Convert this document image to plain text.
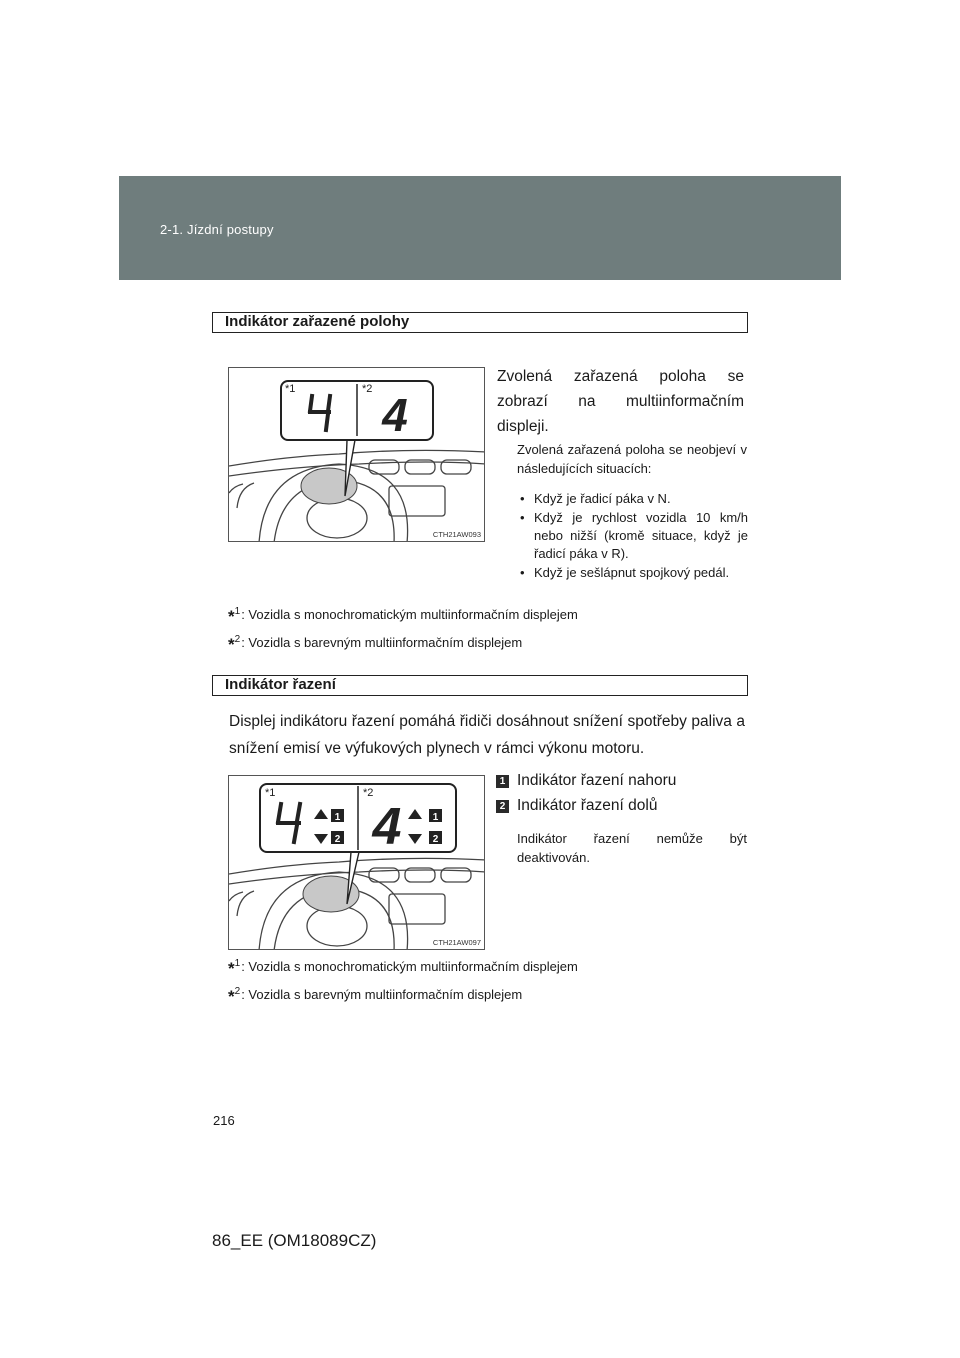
2-1. Jízdní postupy
Indikátor zařazené polohy
4
*1	*2
CTH21AW093
Zvolená zařazená poloha se zobrazí na multiinformačním displeji.
Zvolená zařazená poloha se neobjeví v následujících situacích:
• Když je řadicí páka v N.
• Když je rychlost vozidla 10 km/h nebo nižší (kromě situace, když je řadicí páka v R).
• Když je sešlápnut spojkový pedál.
*$^1$: Vozidla s monochromatickým multiinformačním displejem
*$^2$: Vozidla s barevným multiinformačním displejem
Indikátor řazení
Displej indikátoru řazení pomáhá řidiči dosáhnout snížení spotřeby paliva a snížení emisí ve výfukových plynech v rámci výkonu motoru.
1
2 4	1
2
*1	*2
CTH21AW097
1 Indikátor řazení nahoru
2 Indikátor řazení dolů
Indikátor řazení nemůže být deaktivován.
*$^1$: Vozidla s monochromatickým multiinformačním displejem
*$^2$: Vozidla s barevným multiinformačním displejem
216
86_EE (OM18089CZ)
